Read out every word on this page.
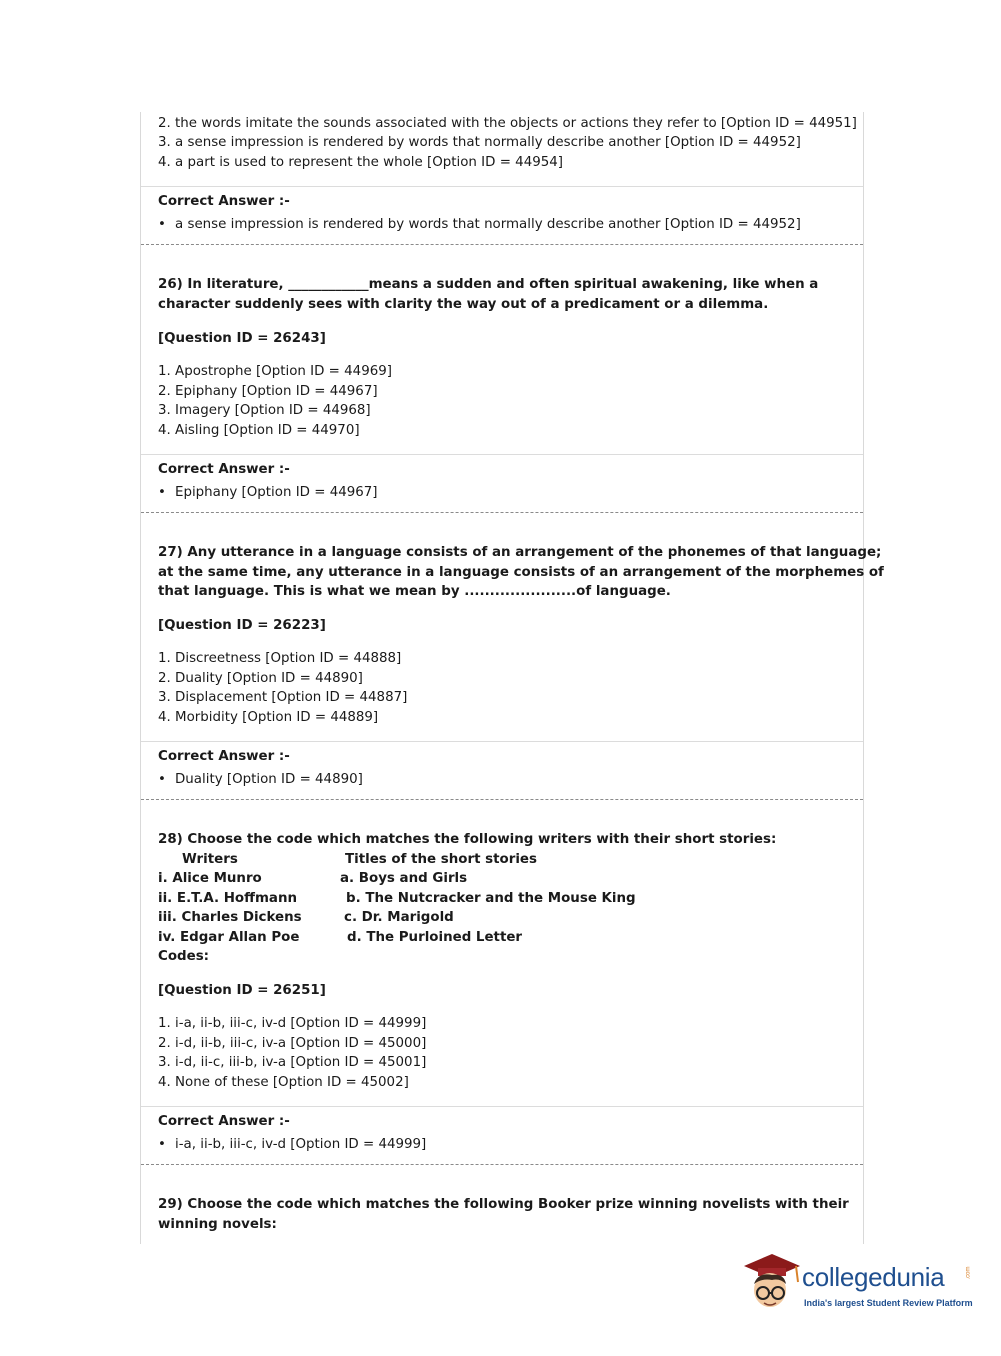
2. the words imitate the sounds associated with the objects or actions they refer to [Option ID = 44951]
3. a sense impression is rendered by words that normally describe another [Option ID = 44952]
4. a part is used to represent the whole [Option ID = 44954]
Correct Answer :-
• a sense impression is rendered by words that normally describe another [Option ID = 44952]
26) In literature, ____________means a sudden and often spiritual awakening, like when a
character suddenly sees with clarity the way out of a predicament or a dilemma.
[Question ID = 26243]
1. Apostrophe [Option ID = 44969]
2. Epiphany [Option ID = 44967]
3. Imagery [Option ID = 44968]
4. Aisling [Option ID = 44970]
Correct Answer :-
• Epiphany [Option ID = 44967]
27) Any utterance in a language consists of an arrangement of the phonemes of that language;
at the same time, any utterance in a language consists of an arrangement of the morphemes of
that language. This is what we mean by ......................of language.
[Question ID = 26223]
1. Discreetness [Option ID = 44888]
2. Duality [Option ID = 44890]
3. Displacement [Option ID = 44887]
4. Morbidity [Option ID = 44889]
Correct Answer :-
• Duality [Option ID = 44890]
28) Choose the code which matches the following writers with their short stories:
Writers	Titles of the short stories
i. Alice Munro	a. Boys and Girls
ii. E.T.A. Hoffmann	b. The Nutcracker and the Mouse King
iii. Charles Dickens	c. Dr. Marigold
iv. Edgar Allan Poe	d. The Purloined Letter
Codes:
[Question ID = 26251]
1. i-a, ii-b, iii-c, iv-d [Option ID = 44999]
2. i-d, ii-b, iii-c, iv-a [Option ID = 45000]
3. i-d, ii-c, iii-b, iv-a [Option ID = 45001]
4. None of these [Option ID = 45002]
Correct Answer :-
• i-a, ii-b, iii-c, iv-d [Option ID = 44999]
29) Choose the code which matches the following Booker prize winning novelists with their
winning novels:
collegedunia	.com
India's largest Student Review Platform
